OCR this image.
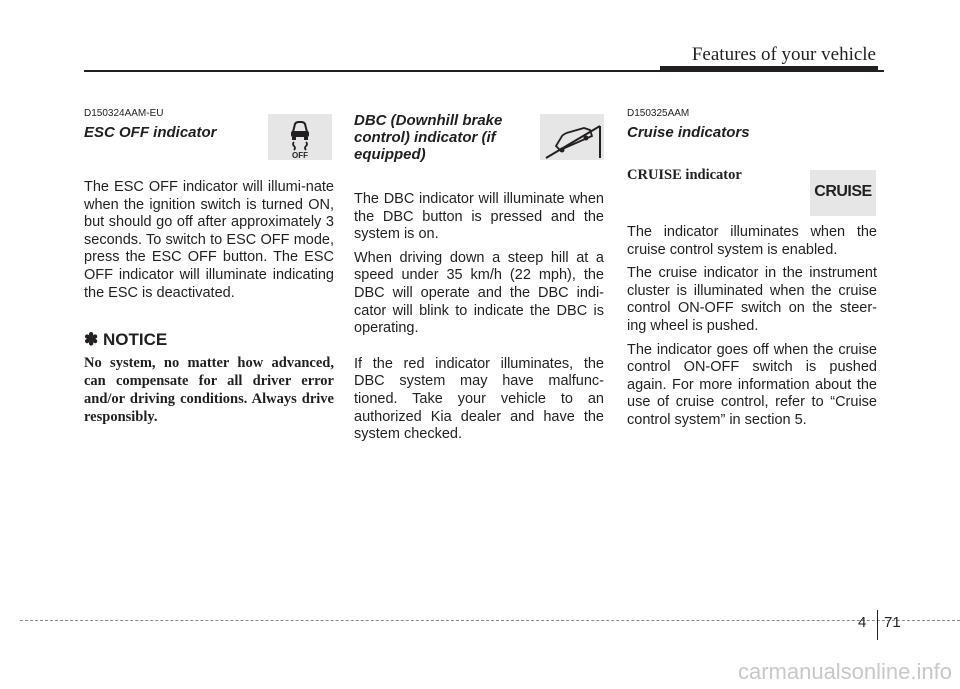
Features of your vehicle

D150324AAM-EU

ESC OFF indicator

The ESC OFF indicator will illumi-nate when the ignition switch is turned ON, but should go off after approximately 3 seconds. To switch to ESC OFF mode, press the ESC OFF button. The ESC OFF indicator will illuminate indicating the ESC is deactivated.

✽ NOTICE

No system, no matter how advanced, can compensate for all driver error and/or driving conditions. Always drive responsibly.

OFF

DBC (Downhill brake control) indicator (if equipped)

The DBC indicator will illuminate when the DBC button is pressed and the system is on.

When driving down a steep hill at a speed under 35 km/h (22 mph), the DBC will operate and the DBC indi-cator will blink to indicate the DBC is operating.

If the red indicator illuminates, the DBC system may have malfunc-tioned. Take your vehicle to an authorized Kia dealer and have the system checked.

D150325AAM

Cruise indicators

CRUISE indicator

The indicator illuminates when the cruise control system is enabled.

The cruise indicator in the instrument cluster is illuminated when the cruise control ON-OFF switch on the steer-ing wheel is pushed.

The indicator goes off when the cruise control ON-OFF switch is pushed again. For more information about the use of cruise control, refer to “Cruise control system” in section 5.

CRUISE
4 71
carmanualsonline.info
